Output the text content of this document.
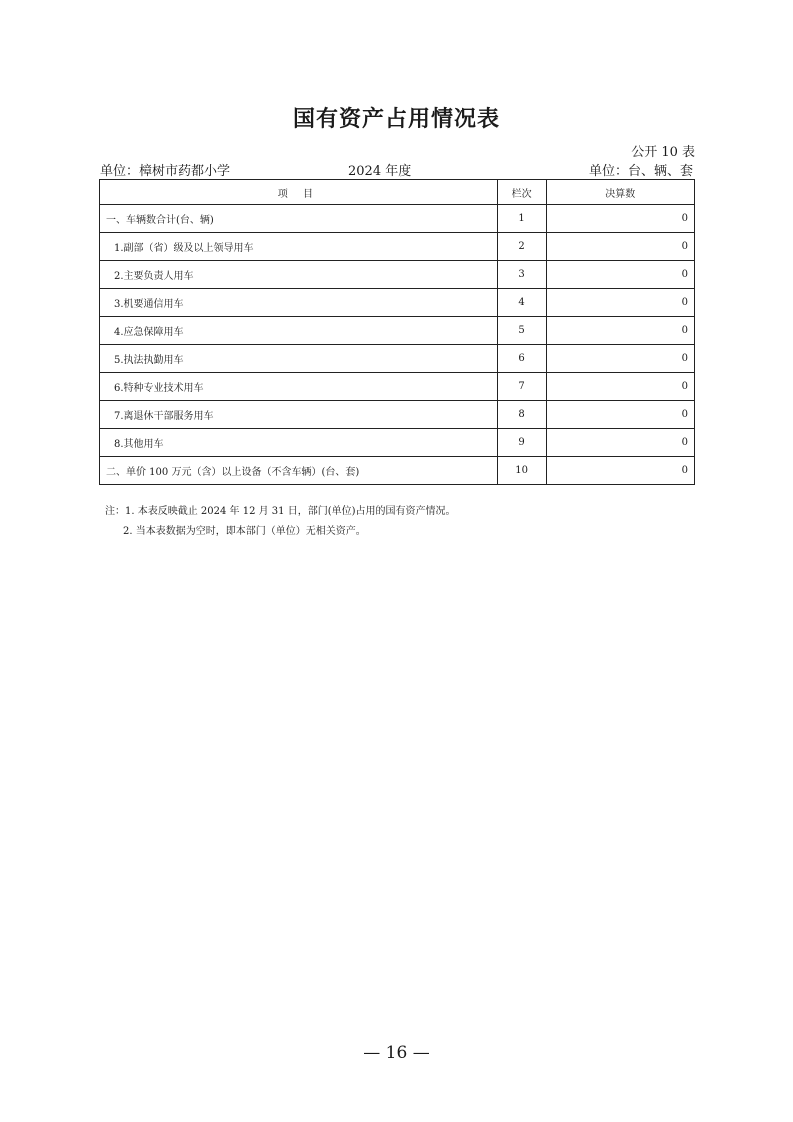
国有资产占用情况表
公开 10 表
单位：樟树市药都小学	2024 年度	单位：台、辆、套
项 目	栏次	决算数
一、车辆数合计(台、辆)	1	0
1.副部（省）级及以上领导用车	2	0
2.主要负责人用车	3	0
3.机要通信用车	4	0
4.应急保障用车	5	0
5.执法执勤用车	6	0
6.特种专业技术用车	7	0
7.离退休干部服务用车	8	0
8.其他用车	9	0
二、单价 100 万元（含）以上设备（不含车辆）(台、套)	10	0
注：1. 本表反映截止 2024 年 12 月 31 日，部门(单位)占用的国有资产情况。
2. 当本表数据为空时，即本部门（单位）无相关资产。
— 16 —
